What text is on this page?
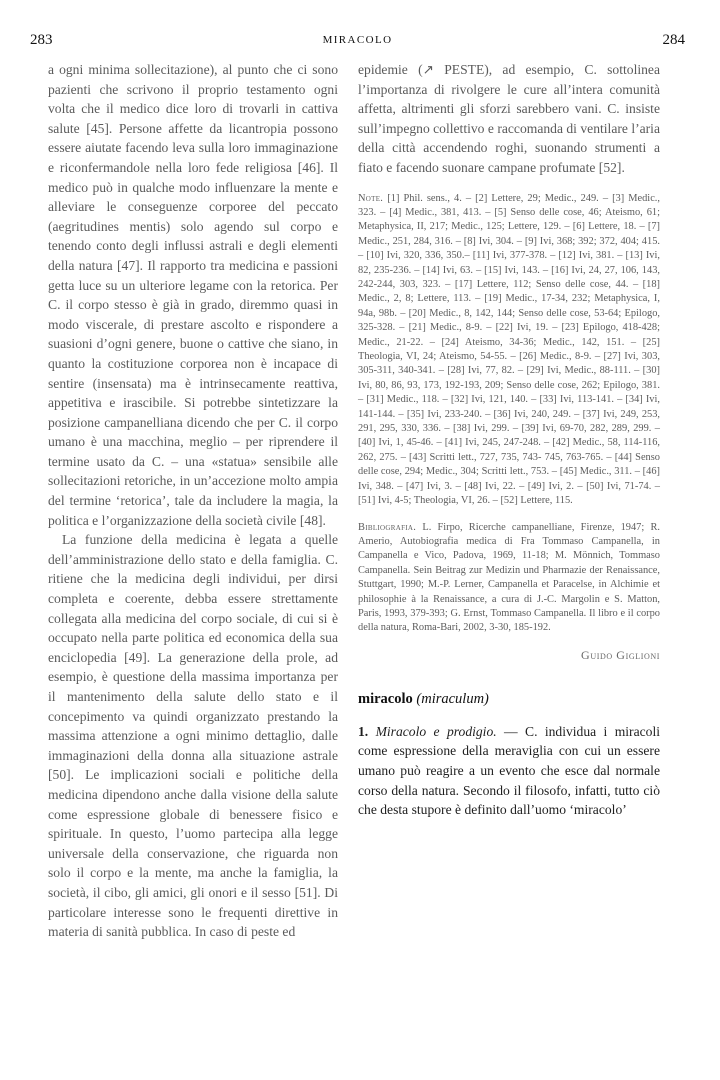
283	MIRACOLO	284

a ogni minima sollecitazione), al punto che ci sono pazienti che scrivono il proprio testamento ogni volta che il medico dice loro di trovarli in cattiva salute [45]. Persone affette da licantropia possono essere aiutate facendo leva sulla loro immaginazione e riconfermandole nella loro fede religiosa [46]. Il medico può in qualche modo influenzare la mente e alleviare le conseguenze corporee del peccato (aegritudines mentis) solo agendo sul corpo e tenendo conto degli influssi astrali e degli elementi della natura [47]. Il rapporto tra medicina e passioni getta luce su un ulteriore legame con la retorica. Per C. il corpo stesso è già in grado, diremmo quasi in modo viscerale, di prestare ascolto e rispondere a suasioni d’ogni genere, buone o cattive che siano, in quanto la costituzione corporea non è incapace di sentire (insensata) ma è intrinsecamente reattiva, appetitiva e irascibile. Si potrebbe sintetizzare la posizione campanelliana dicendo che per C. il corpo umano è una macchina, meglio – per riprendere il termine usato da C. – una «statua» sensibile alle sollecitazioni retoriche, in un’accezione molto ampia del termine ‘retorica’, tale da includere la magia, la politica e l’organizzazione della società civile [48].

La funzione della medicina è legata a quelle dell’amministrazione dello stato e della famiglia. C. ritiene che la medicina degli individui, per dirsi completa e coerente, debba essere strettamente collegata alla medicina del corpo sociale, di cui si è occupato nella parte politica ed economica della sua enciclopedia [49]. La generazione della prole, ad esempio, è questione della massima importanza per il mantenimento della salute dello stato e il concepimento va quindi organizzato prestando la massima attenzione a ogni minimo dettaglio, dalle immaginazioni della donna alla situazione astrale [50]. Le implicazioni sociali e politiche della medicina dipendono anche dalla visione della salute come espressione globale di benessere fisico e spirituale. In questo, l’uomo partecipa alla legge universale della conservazione, che riguarda non solo il corpo e la mente, ma anche la famiglia, la società, il cibo, gli amici, gli onori e il sesso [51]. Di particolare interesse sono le frequenti direttive in materia di sanità pubblica. In caso di peste ed

epidemie (↗ PESTE), ad esempio, C. sottolinea l’importanza di rivolgere le cure all’intera comunità affetta, altrimenti gli sforzi sarebbero vani. C. insiste sull’impegno collettivo e raccomanda di ventilare l’aria della città accendendo roghi, suonando strumenti a fiato e facendo suonare campane profumate [52].

Note. [1] Phil. sens., 4. – [2] Lettere, 29; Medic., 249. – [3] Medic., 323. – [4] Medic., 381, 413. – [5] Senso delle cose, 46; Ateismo, 61; Metaphysica, II, 217; Medic., 125; Lettere, 129. – [6] Lettere, 18. – [7] Medic., 251, 284, 316. – [8] Ivi, 304. – [9] Ivi, 368; 392; 372, 404; 415. – [10] Ivi, 320, 336, 350.– [11] Ivi, 377-378. – [12] Ivi, 381. – [13] Ivi, 82, 235-236. – [14] Ivi, 63. – [15] Ivi, 143. – [16] Ivi, 24, 27, 106, 143, 242-244, 303, 323. – [17] Lettere, 112; Senso delle cose, 44. – [18] Medic., 2, 8; Lettere, 113. – [19] Medic., 17-34, 232; Metaphysica, I, 94a, 98b. – [20] Medic., 8, 142, 144; Senso delle cose, 53-64; Epilogo, 325-328. – [21] Medic., 8-9. – [22] Ivi, 19. – [23] Epilogo, 418-428; Medic., 21-22. – [24] Ateismo, 34-36; Medic., 142, 151. – [25] Theologia, VI, 24; Ateismo, 54-55. – [26] Medic., 8-9. – [27] Ivi, 303, 305-311, 340-341. – [28] Ivi, 77, 82. – [29] Ivi, Medic., 88-111. – [30] Ivi, 80, 86, 93, 173, 192-193, 209; Senso delle cose, 262; Epilogo, 381. – [31] Medic., 118. – [32] Ivi, 121, 140. – [33] Ivi, 113-141. – [34] Ivi, 141-144. – [35] Ivi, 233-240. – [36] Ivi, 240, 249. – [37] Ivi, 249, 253, 291, 295, 330, 336. – [38] Ivi, 299. – [39] Ivi, 69-70, 282, 289, 299. – [40] Ivi, 1, 45-46. – [41] Ivi, 245, 247-248. – [42] Medic., 58, 114-116, 262, 275. – [43] Scritti lett., 727, 735, 743- 745, 763-765. – [44] Senso delle cose, 294; Medic., 304; Scritti lett., 753. – [45] Medic., 311. – [46] Ivi, 348. – [47] Ivi, 3. – [48] Ivi, 22. – [49] Ivi, 2. – [50] Ivi, 71-74. – [51] Ivi, 4-5; Theologia, VI, 26. – [52] Lettere, 115.
Bibliografia. L. Firpo, Ricerche campanelliane, Firenze, 1947; R. Amerio, Autobiografia medica di Fra Tommaso Campanella, in Campanella e Vico, Padova, 1969, 11-18; M. Mönnich, Tommaso Campanella. Sein Beitrag zur Medizin und Pharmazie der Renaissance, Stuttgart, 1990; M.-P. Lerner, Campanella et Paracelse, in Alchimie et philosophie à la Renaissance, a cura di J.-C. Margolin e S. Matton, Paris, 1993, 379-393; G. Ernst, Tommaso Campanella. Il libro e il corpo della natura, Roma-Bari, 2002, 3-30, 185-192.
Guido Giglioni
miracolo (miraculum)
1. Miracolo e prodigio. — C. individua i miracoli come espressione della meraviglia con cui un essere umano può reagire a un evento che esce dal normale corso della natura. Secondo il filosofo, infatti, tutto ciò che desta stupore è definito dall’uomo ‘miracolo’
